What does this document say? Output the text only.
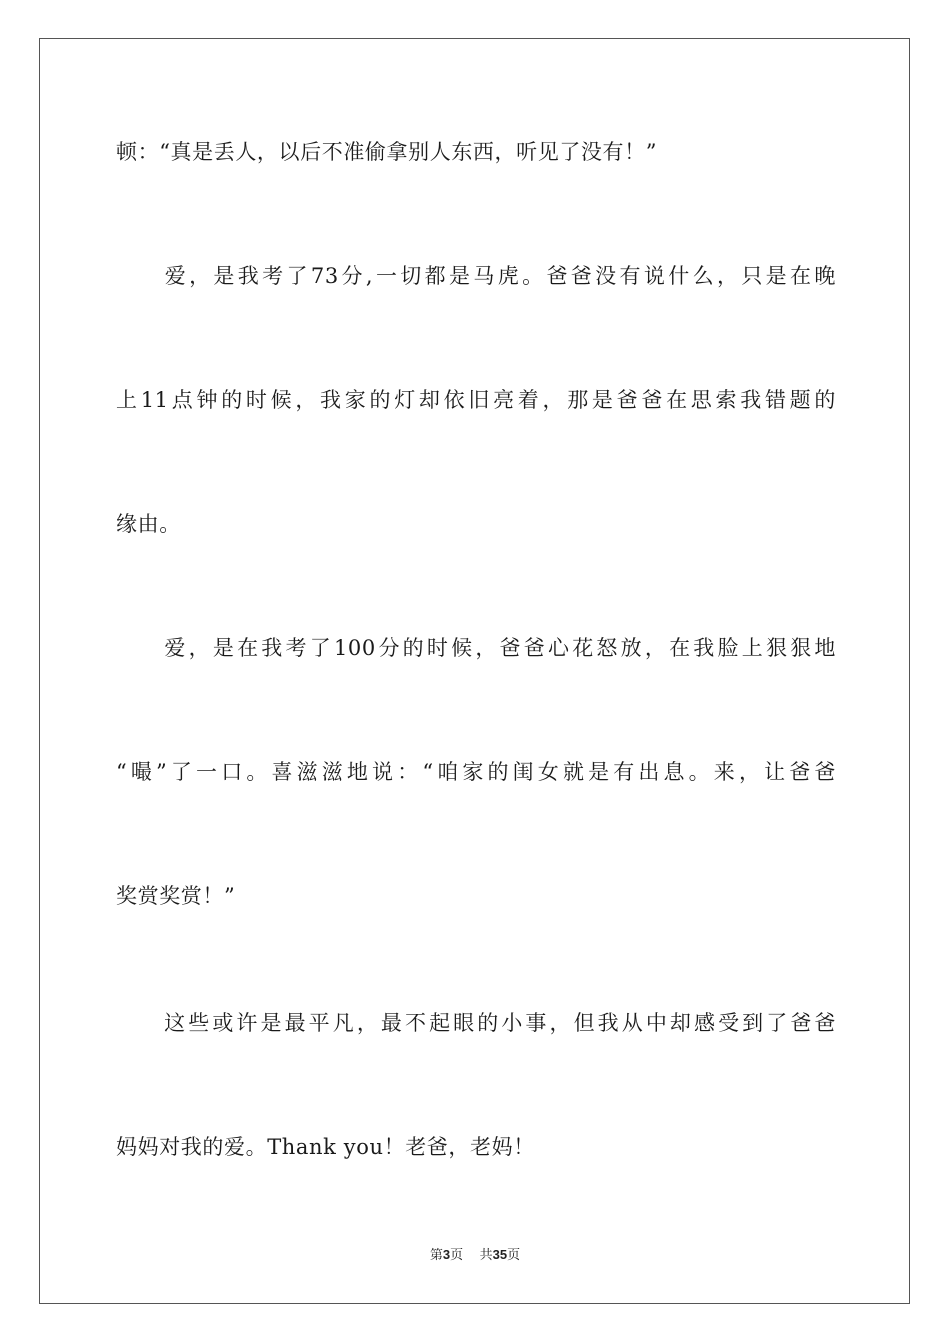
顿：“真是丢人，以后不准偷拿别人东西，听见了没有！”
　　爱，是我考了73分,一切都是马虎。爸爸没有说什么，只是在晚
上11点钟的时候，我家的灯却依旧亮着，那是爸爸在思索我错题的
缘由。
　　爱，是在我考了100分的时候，爸爸心花怒放，在我脸上狠狠地
“嘬”了一口。喜滋滋地说：“咱家的闺女就是有出息。来，让爸爸
奖赏奖赏！”
　　这些或许是最平凡，最不起眼的小事，但我从中却感受到了爸爸
妈妈对我的爱。Thank you！老爸，老妈！
第3页 共35页
